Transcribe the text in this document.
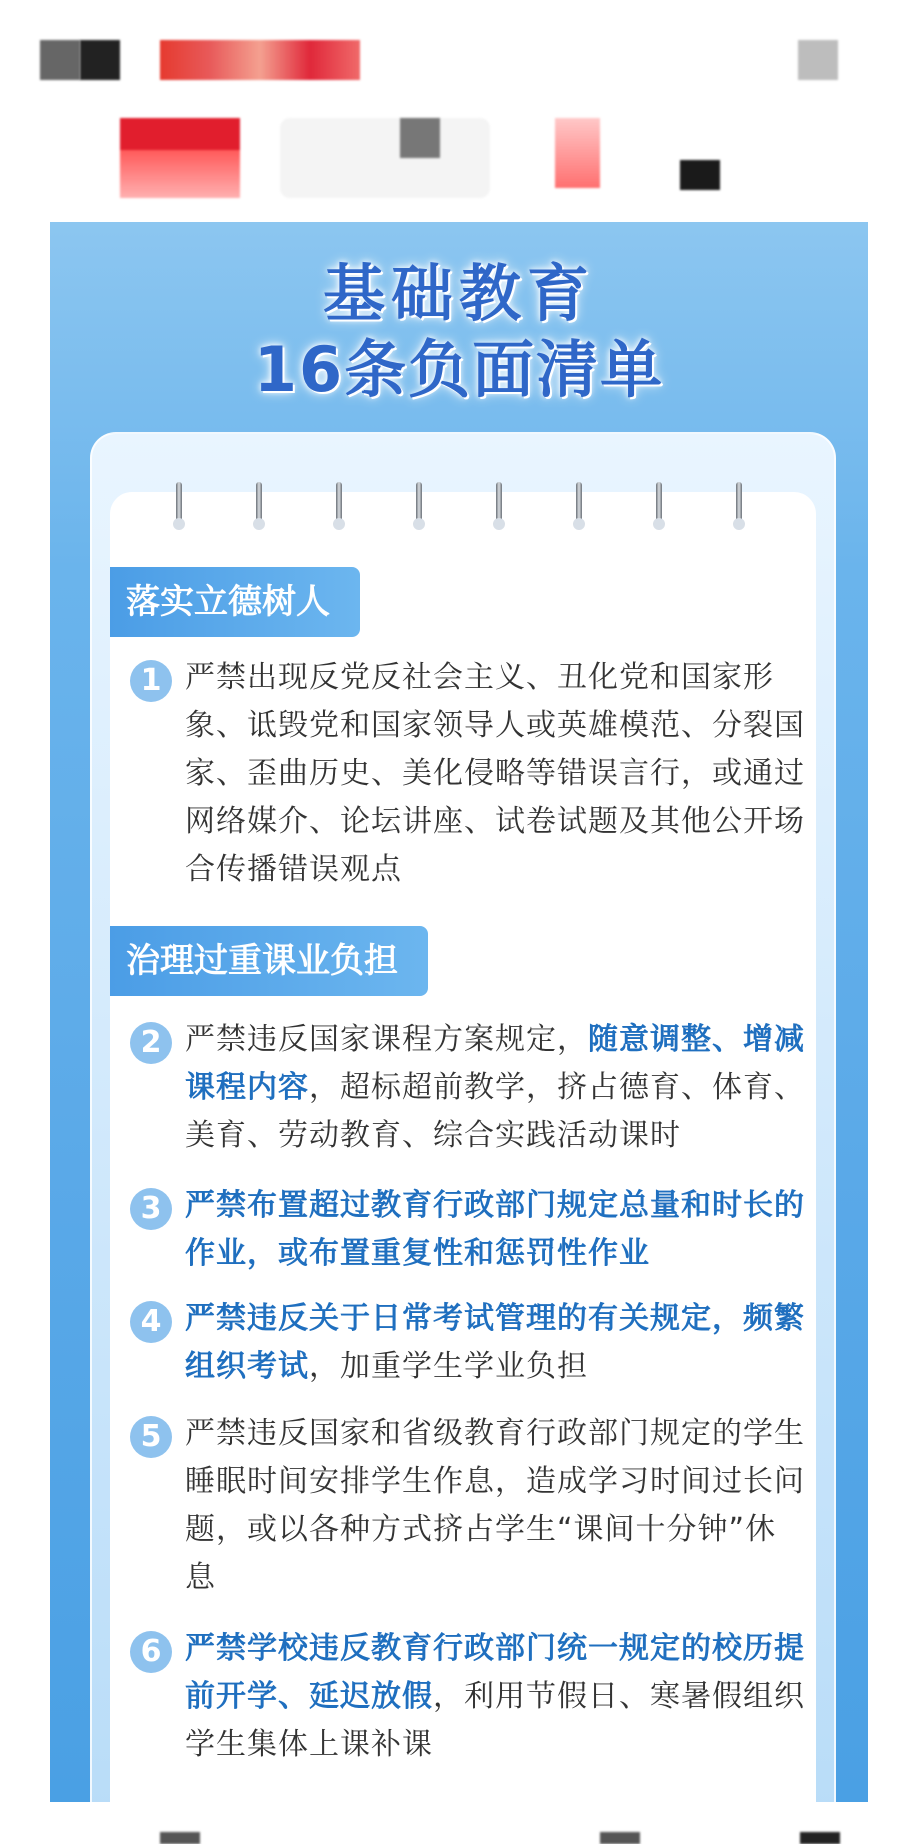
基础教育
16条负面清单
落实立德树人
1 严禁出现反党反社会主义、丑化党和国家形象、诋毁党和国家领导人或英雄模范、分裂国家、歪曲历史、美化侵略等错误言行，或通过网络媒介、论坛讲座、试卷试题及其他公开场合传播错误观点
治理过重课业负担
2 严禁违反国家课程方案规定，随意调整、增减课程内容，超标超前教学，挤占德育、体育、美育、劳动教育、综合实践活动课时
3 严禁布置超过教育行政部门规定总量和时长的作业，或布置重复性和惩罚性作业
4 严禁违反关于日常考试管理的有关规定，频繁组织考试，加重学生学业负担
5 严禁违反国家和省级教育行政部门规定的学生睡眠时间安排学生作息，造成学习时间过长问题，或以各种方式挤占学生“课间十分钟”休息
6 严禁学校违反教育行政部门统一规定的校历提前开学、延迟放假，利用节假日、寒暑假组织学生集体上课补课
